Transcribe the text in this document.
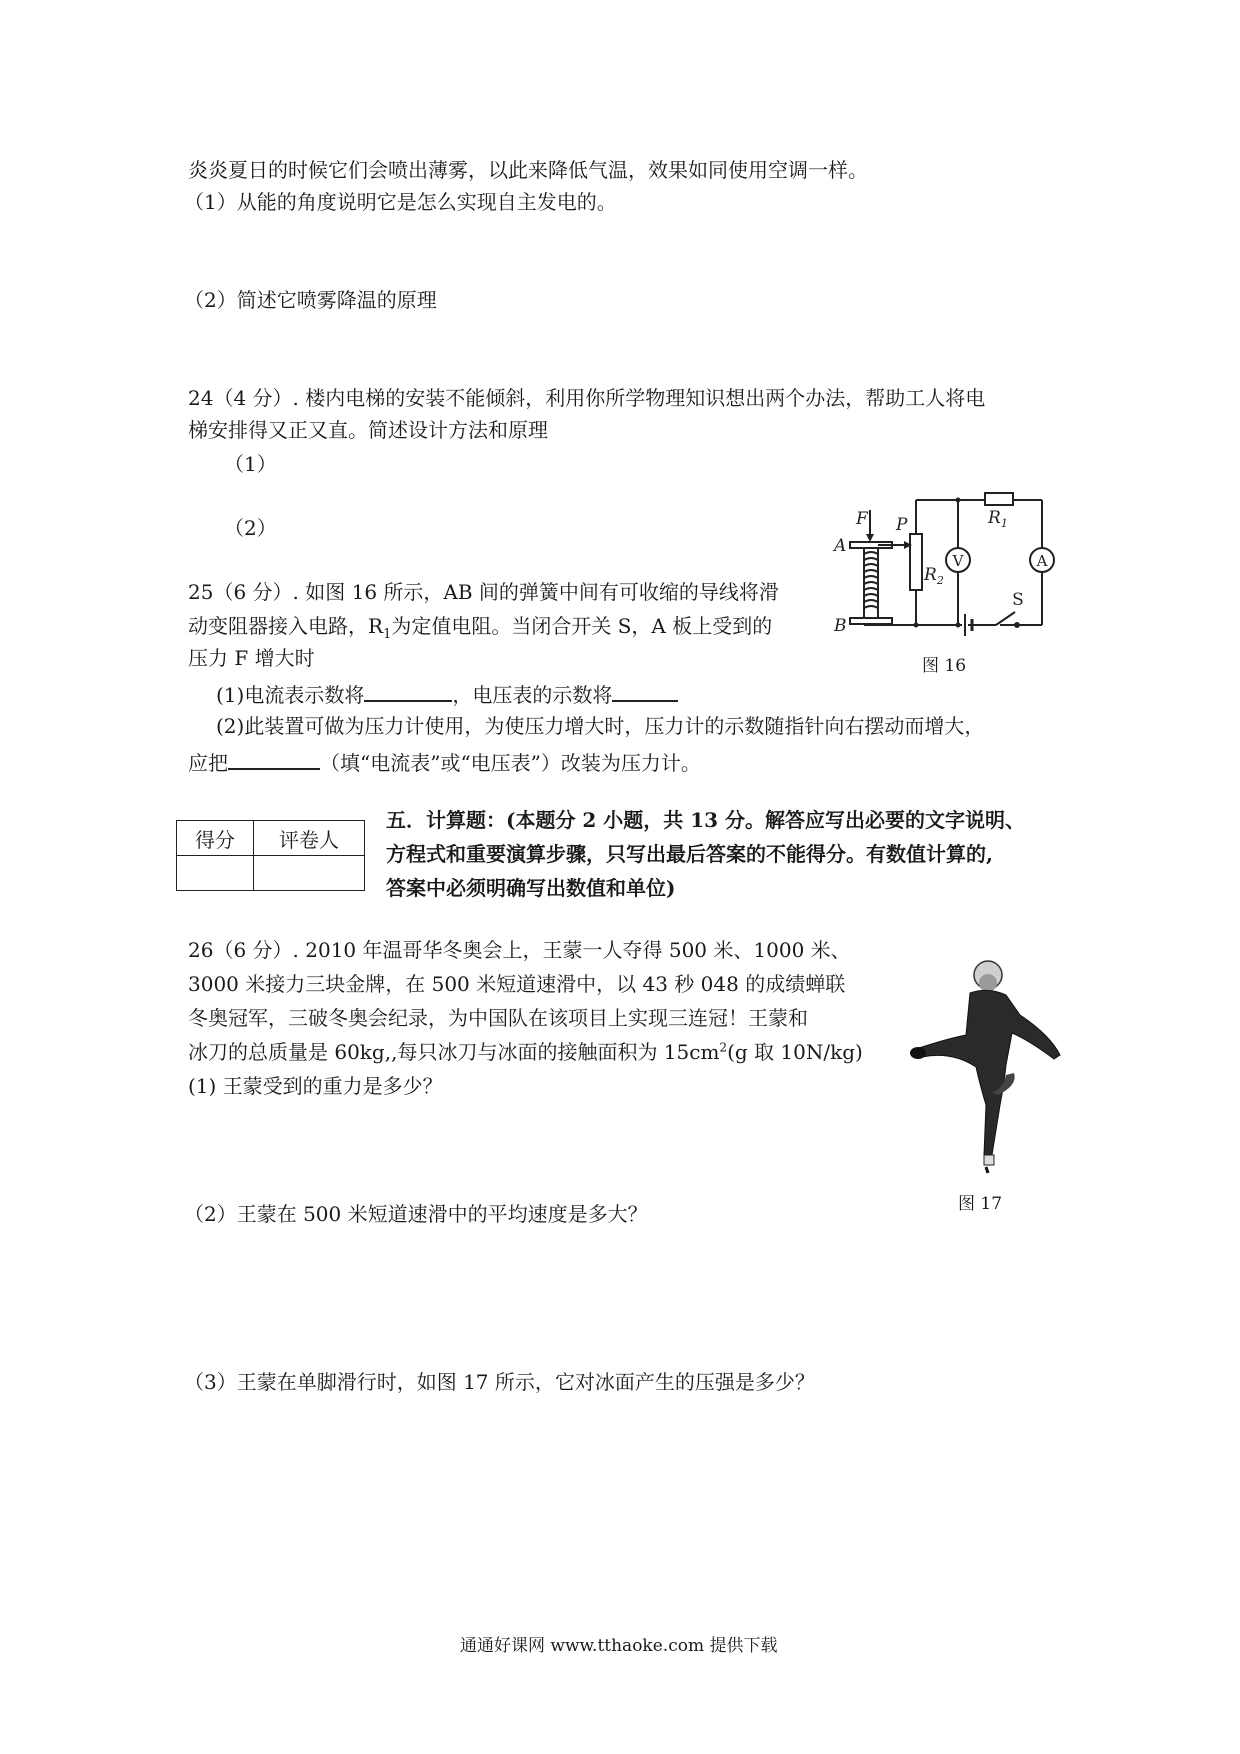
炎炎夏日的时候它们会喷出薄雾，以此来降低气温，效果如同使用空调一样。
（1）从能的角度说明它是怎么实现自主发电的。
（2）简述它喷雾降温的原理
24（4 分）. 楼内电梯的安装不能倾斜，利用你所学物理知识想出两个办法，帮助工人将电
梯安排得又正又直。简述设计方法和原理
（1）
（2）
25（6 分）. 如图 16 所示，AB 间的弹簧中间有可收缩的导线将滑
动变阻器接入电路，$R_1$为定值电阻。当闭合开关 S，A 板上受到的
压力 F 增大时
(1)电流表示数将	，电压表的示数将
(2)此装置可做为压力计使用，为使压力增大时，压力计的示数随指针向右摆动而增大，
应把	（填“电流表”或“电压表”）改装为压力计。
F P
A
B
$R_1$
$R_2$
V	A
S
图 16
得分	评卷人

五．计算题：(本题分 2 小题，共 13 分。解答应写出必要的文字说明、
方程式和重要演算步骤，只写出最后答案的不能得分。有数值计算的,
答案中必须明确写出数值和单位)
26（6 分）. 2010 年温哥华冬奥会上，王蒙一人夺得 500 米、1000 米、
3000 米接力三块金牌，在 500 米短道速滑中，以 43 秒 048 的成绩蝉联
冬奥冠军，三破冬奥会纪录，为中国队在该项目上实现三连冠！王蒙和
冰刀的总质量是 60kg,,每只冰刀与冰面的接触面积为 $15cm^2(g$ 取 10N/kg)
(1) 王蒙受到的重力是多少？
（2）王蒙在 500 米短道速滑中的平均速度是多大？
（3）王蒙在单脚滑行时，如图 17 所示，它对冰面产生的压强是多少？
图 17
通通好课网 www.tthaoke.com 提供下载
